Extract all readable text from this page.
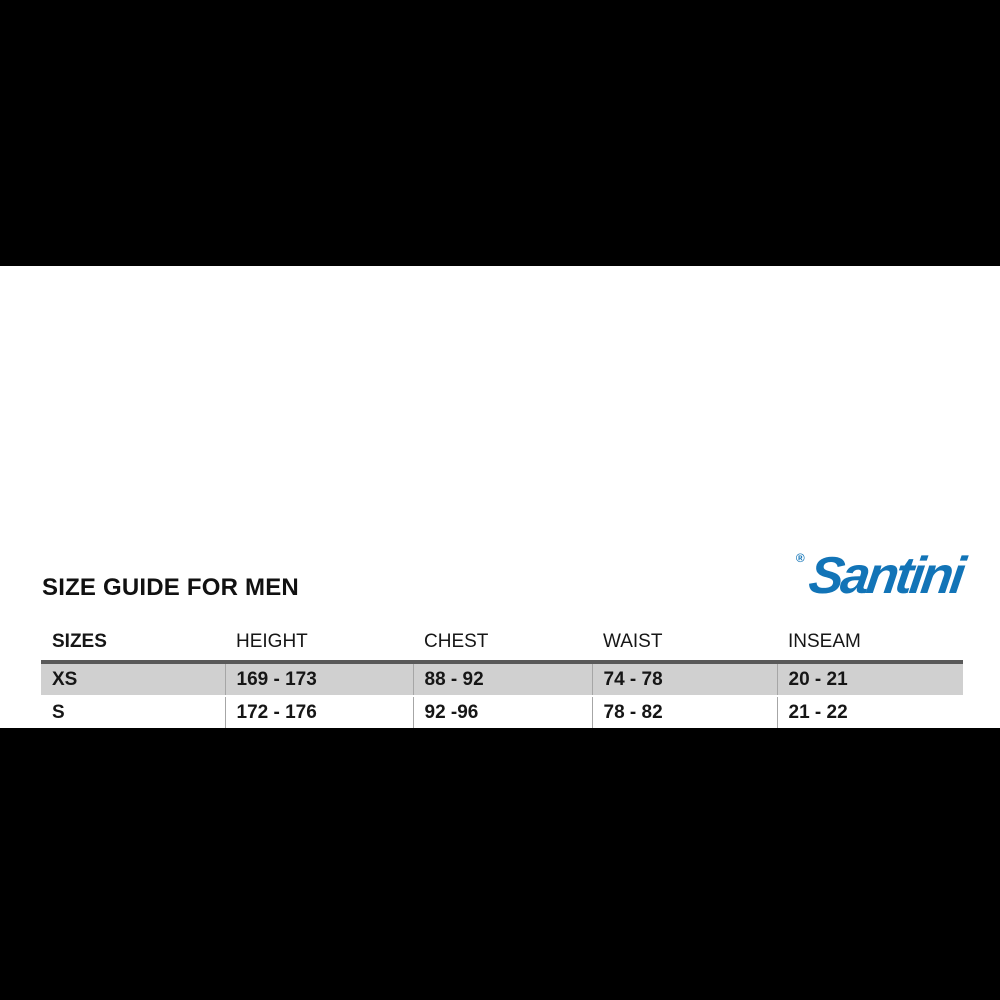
SIZE GUIDE FOR MEN
® Santini
SIZES	HEIGHT	CHEST	WAIST	INSEAM
XS	169 - 173	88 - 92	74 - 78	20 - 21
S	172 - 176	92 -96	78 - 82	21 - 22
